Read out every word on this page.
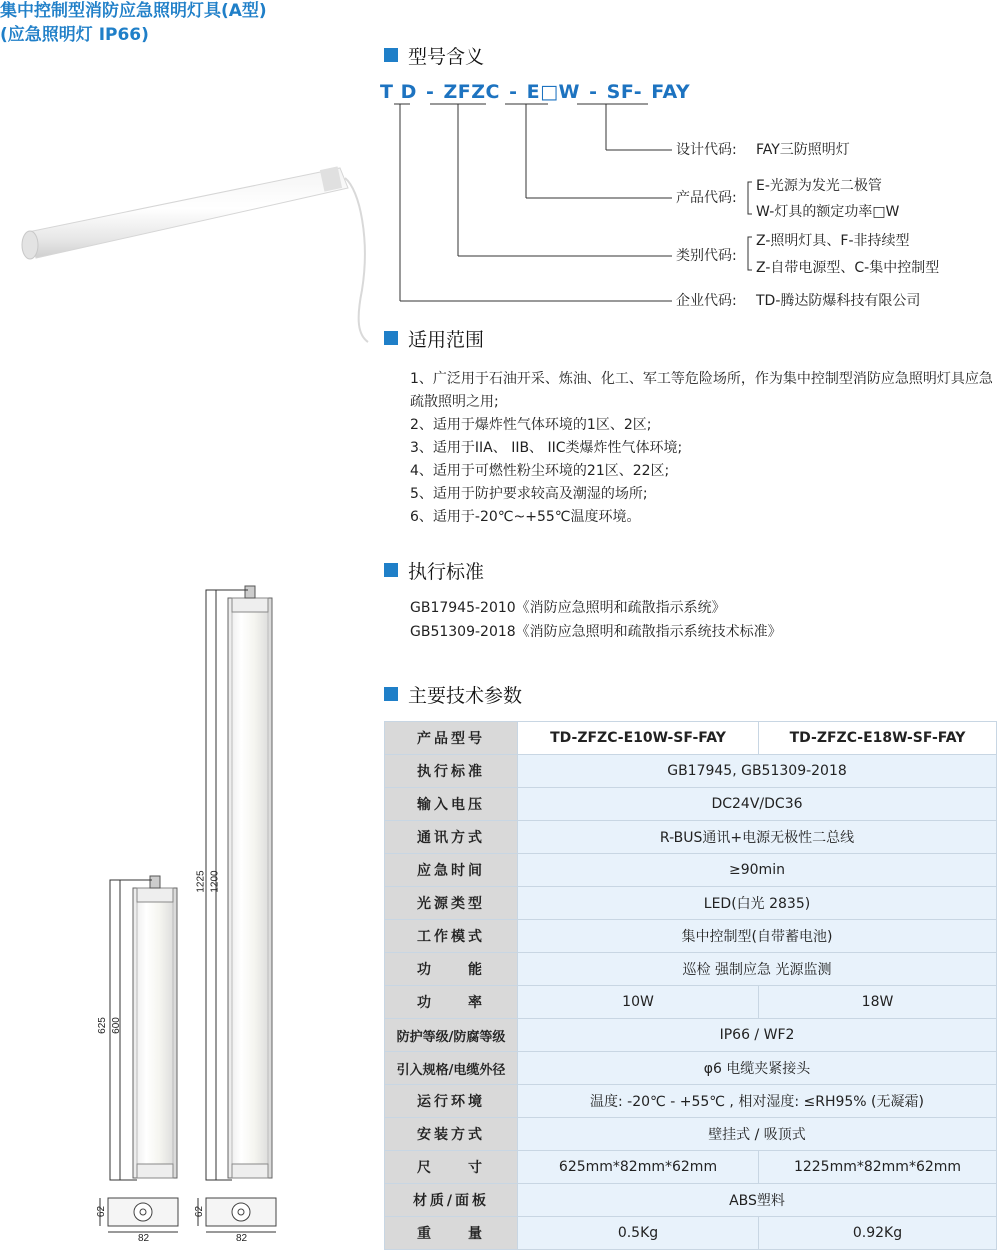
集中控制型消防应急照明灯具(A型)
(应急照明灯 IP66)
625 600
1225 1200
62	62
82	82
型号含义
T D - ZFZC - E□W - SF- FAY
设计代码: FAY三防照明灯
产品代码:
E-光源为发光二极管
W-灯具的额定功率□W
类别代码:
Z-照明灯具、F-非持续型
Z-自带电源型、C-集中控制型
企业代码: TD-腾达防爆科技有限公司
适用范围
1、广泛用于石油开采、炼油、化工、军工等危险场所，作为集中控制型消防应急照明灯具应急疏散照明之用;
2、适用于爆炸性气体环境的1区、2区;
3、适用于IIA、 IIB、 IIC类爆炸性气体环境;
4、适用于可燃性粉尘环境的21区、22区;
5、适用于防护要求较高及潮湿的场所;
6、适用于-20℃~+55℃温度环境。
执行标准
GB17945-2010《消防应急照明和疏散指示系统》
GB51309-2018《消防应急照明和疏散指示系统技术标准》
主要技术参数
产品型号	TD-ZFZC-E10W-SF-FAY	TD-ZFZC-E18W-SF-FAY
执行标准	GB17945, GB51309-2018	
输入电压	DC24V/DC36	
通讯方式	R-BUS通讯+电源无极性二总线	
应急时间	≥90min	
光源类型	LED(白光 2835)	
工作模式	集中控制型(自带蓄电池)	
功　　能	巡检 强制应急 光源监测	
功　　率	10W	18W
防护等级/防腐等级	IP66 / WF2	
引入规格/电缆外径	φ6 电缆夹紧接头	
运行环境	温度: -20℃ - +55℃ , 相对湿度: ≤RH95% (无凝霜)	
安装方式	壁挂式 / 吸顶式	
尺　　寸	625mm*82mm*62mm	1225mm*82mm*62mm
材质/面板	ABS塑料	
重　　量	0.5Kg	0.92Kg
